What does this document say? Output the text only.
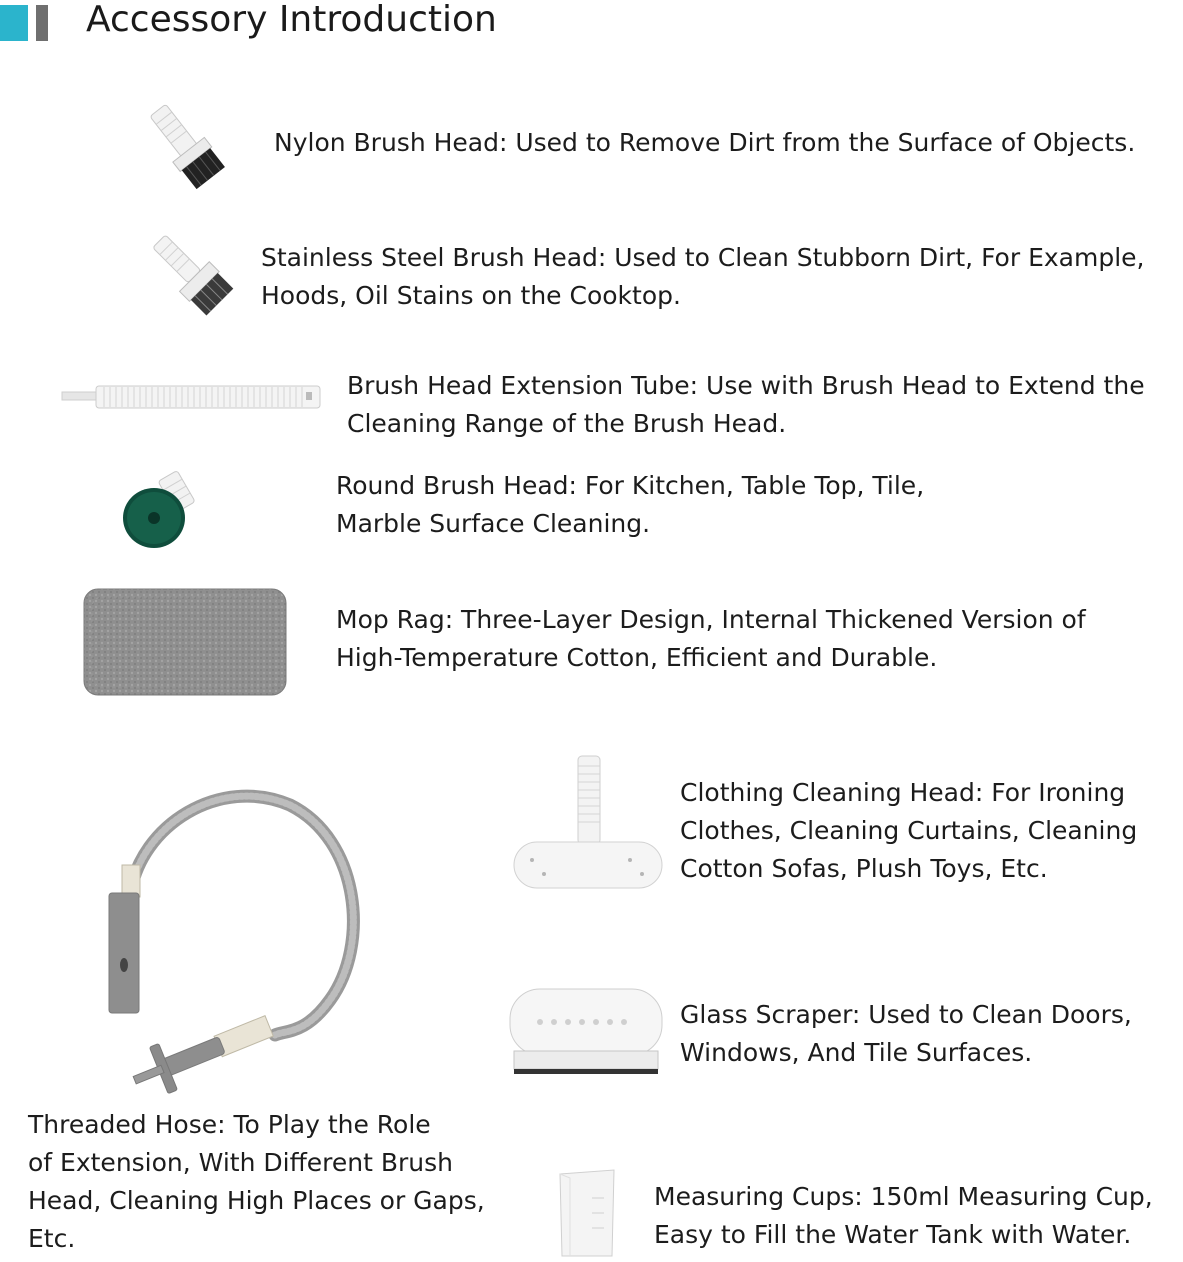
Accessory Introduction
Nylon Brush Head: Used to Remove Dirt from the Surface of Objects.
Stainless Steel Brush Head: Used to Clean Stubborn Dirt, For Example,
Hoods, Oil Stains on the Cooktop.
Brush Head Extension Tube: Use with Brush Head to Extend the
Cleaning Range of the Brush Head.
Round Brush Head: For Kitchen, Table Top, Tile,
Marble Surface Cleaning.
Mop Rag: Three-Layer Design, Internal Thickened Version of
High-Temperature Cotton, Efficient and Durable.
Clothing Cleaning Head: For Ironing
Clothes, Cleaning Curtains, Cleaning
Cotton Sofas, Plush Toys, Etc.
Glass Scraper: Used to Clean Doors,
Windows, And Tile Surfaces.
Threaded Hose: To Play the Role
of Extension, With Different Brush
Head, Cleaning High Places or Gaps,
Etc.
Measuring Cups: 150ml Measuring Cup,
Easy to Fill the Water Tank with Water.
